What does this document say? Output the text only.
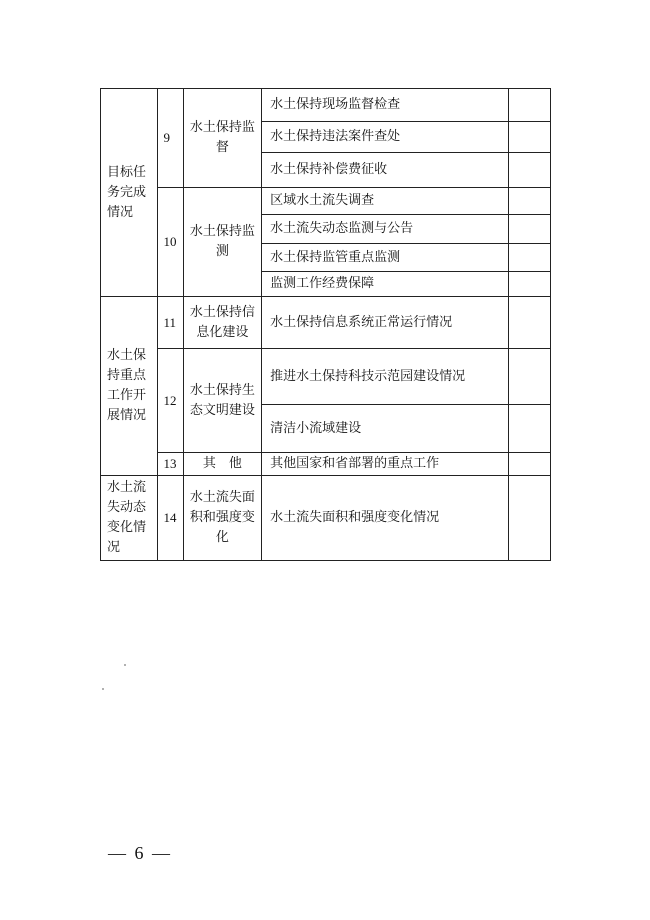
目标任务完成情况	9	水土保持监督	水土保持现场监督检查	
			水土保持违法案件查处	
			水土保持补偿费征收	
	10	水土保持监测	区域水土流失调查	
			水土流失动态监测与公告	
			水土保持监管重点监测	
			监测工作经费保障	
水土保持重点工作开展情况	11	水土保持信息化建设	水土保持信息系统正常运行情况	
	12	水土保持生态文明建设	推进水土保持科技示范园建设情况	
			清洁小流域建设	
	13	其　他	其他国家和省部署的重点工作	
水土流失动态变化情况	14	水土流失面积和强度变化	水土流失面积和强度变化情况	
— 6 —
